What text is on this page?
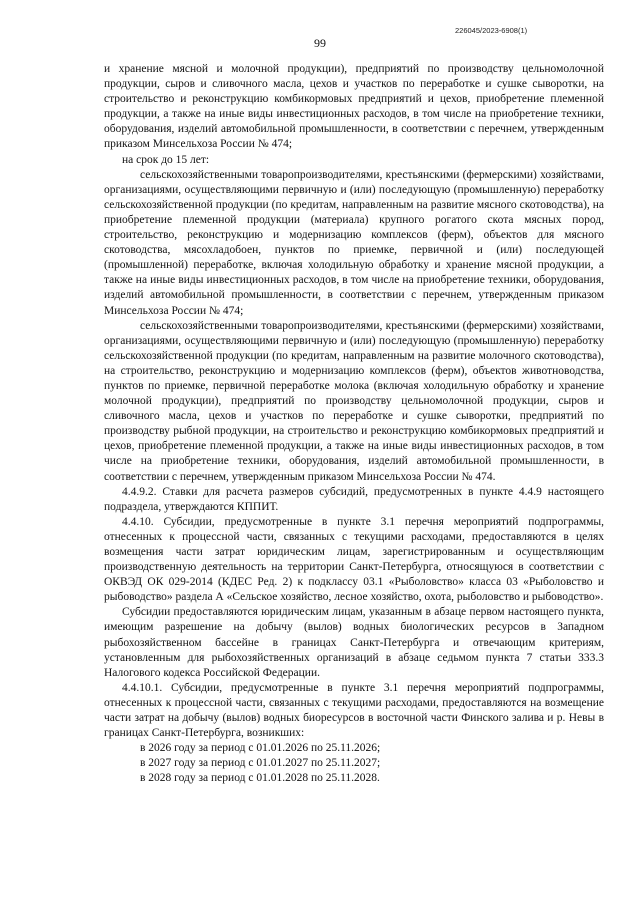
226045/2023-6908(1)
99

и хранение мясной и молочной продукции), предприятий по производству цельномолочной продукции, сыров и сливочного масла, цехов и участков по переработке и сушке сыворотки, на строительство и реконструкцию комбикормовых предприятий и цехов, приобретение племенной продукции, а также на иные виды инвестиционных расходов, в том числе на приобретение техники, оборудования, изделий автомобильной промышленности, в соответствии с перечнем, утвержденным приказом Минсельхоза России № 474;

на срок до 15 лет:

сельскохозяйственными товаропроизводителями, крестьянскими (фермерскими) хозяйствами, организациями, осуществляющими первичную и (или) последующую (промышленную) переработку сельскохозяйственной продукции (по кредитам, направленным на развитие мясного скотоводства), на приобретение племенной продукции (материала) крупного рогатого скота мясных пород, строительство, реконструкцию и модернизацию комплексов (ферм), объектов для мясного скотоводства, мясохладобоен, пунктов по приемке, первичной и (или) последующей (промышленной) переработке, включая холодильную обработку и хранение мясной продукции, а также на иные виды инвестиционных расходов, в том числе на приобретение техники, оборудования, изделий автомобильной промышленности, в соответствии с перечнем, утвержденным приказом Минсельхоза России № 474;

сельскохозяйственными товаропроизводителями, крестьянскими (фермерскими) хозяйствами, организациями, осуществляющими первичную и (или) последующую (промышленную) переработку сельскохозяйственной продукции (по кредитам, направленным на развитие молочного скотоводства), на строительство, реконструкцию и модернизацию комплексов (ферм), объектов животноводства, пунктов по приемке, первичной переработке молока (включая холодильную обработку и хранение молочной продукции), предприятий по производству цельномолочной продукции, сыров и сливочного масла, цехов и участков по переработке и сушке сыворотки, предприятий по производству рыбной продукции, на строительство и реконструкцию комбикормовых предприятий и цехов, приобретение племенной продукции, а также на иные виды инвестиционных расходов, в том числе на приобретение техники, оборудования, изделий автомобильной промышленности, в соответствии с перечнем, утвержденным приказом Минсельхоза России № 474.

4.4.9.2. Ставки для расчета размеров субсидий, предусмотренных в пункте 4.4.9 настоящего подраздела, утверждаются КППИТ.

4.4.10. Субсидии, предусмотренные в пункте 3.1 перечня мероприятий подпрограммы, отнесенных к процессной части, связанных с текущими расходами, предоставляются в целях возмещения части затрат юридическим лицам, зарегистрированным и осуществляющим производственную деятельность на территории Санкт-Петербурга, относящуюся в соответствии с ОКВЭД ОК 029-2014 (КДЕС Ред. 2) к подклассу 03.1 «Рыболовство» класса 03 «Рыболовство и рыбоводство» раздела А «Сельское хозяйство, лесное хозяйство, охота, рыболовство и рыбоводство».

Субсидии предоставляются юридическим лицам, указанным в абзаце первом настоящего пункта, имеющим разрешение на добычу (вылов) водных биологических ресурсов в Западном рыбохозяйственном бассейне в границах Санкт-Петербурга и отвечающим критериям, установленным для рыбохозяйственных организаций в абзаце седьмом пункта 7 статьи 333.3 Налогового кодекса Российской Федерации.

4.4.10.1. Субсидии, предусмотренные в пункте 3.1 перечня мероприятий подпрограммы, отнесенных к процессной части, связанных с текущими расходами, предоставляются на возмещение части затрат на добычу (вылов) водных биоресурсов в восточной части Финского залива и р. Невы в границах Санкт-Петербурга, возникших:

в 2026 году за период с 01.01.2026 по 25.11.2026;

в 2027 году за период с 01.01.2027 по 25.11.2027;

в 2028 году за период с 01.01.2028 по 25.11.2028.
